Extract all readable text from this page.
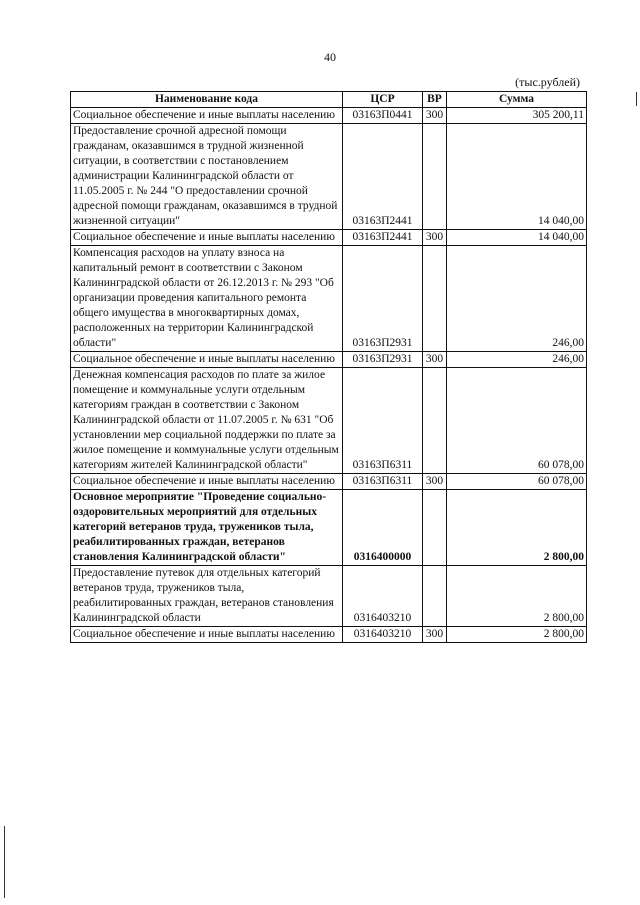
40
(тыс.рублей)
Наименование кода	ЦСР	ВР	Сумма
Социальное обеспечение и иные выплаты населению	03163П0441	300	305 200,11
Предоставление срочной адресной помощи гражданам, оказавшимся в трудной жизненной ситуации, в соответствии с постановлением администрации Калининградской области от 11.05.2005 г. № 244 "О предоставлении срочной адресной помощи гражданам, оказавшимся в трудной жизненной ситуации"	03163П2441		14 040,00
Социальное обеспечение и иные выплаты населению	03163П2441	300	14 040,00
Компенсация расходов на уплату взноса на капитальный ремонт в соответствии с Законом Калининградской области от 26.12.2013 г. № 293 "Об организации проведения капитального ремонта общего имущества в многоквартирных домах, расположенных на территории Калининградской области"	03163П2931		246,00
Социальное обеспечение и иные выплаты населению	03163П2931	300	246,00
Денежная компенсация расходов по плате за жилое помещение и коммунальные услуги отдельным категориям граждан в соответствии с Законом Калининградской области от 11.07.2005 г. № 631 "Об установлении мер социальной поддержки по плате за жилое помещение и коммунальные услуги отдельным категориям жителей Калининградской области"	03163П6311		60 078,00
Социальное обеспечение и иные выплаты населению	03163П6311	300	60 078,00
Основное мероприятие "Проведение социально-оздоровительных мероприятий для отдельных категорий ветеранов труда, тружеников тыла, реабилитированных граждан, ветеранов становления Калининградской области"	0316400000		2 800,00
Предоставление путевок для отдельных категорий ветеранов труда, тружеников тыла, реабилитированных граждан, ветеранов становления Калининградской области	0316403210		2 800,00
Социальное обеспечение и иные выплаты населению	0316403210	300	2 800,00
